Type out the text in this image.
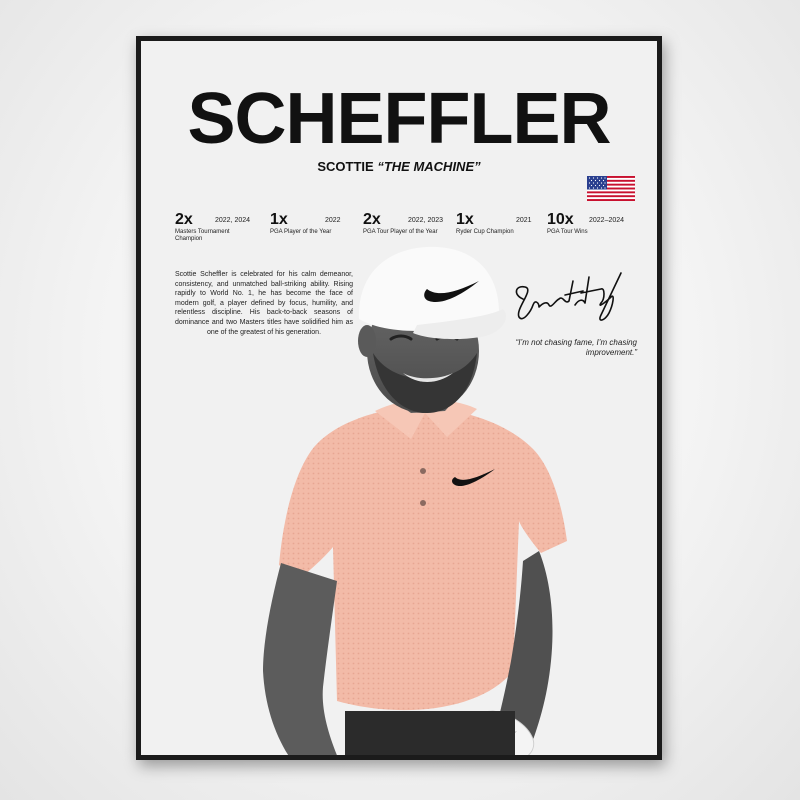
SCHEFFLER
SCOTTIE “THE MACHINE”
2x	2022, 2024
Masters Tournament Champion
1x	2022
PGA Player of the Year
2x	2022, 2023
PGA Tour Player of the Year
1x	2021
Ryder Cup Champion
10x 2022–2024
PGA Tour Wins

Scottie Scheffler is celebrated for his calm demeanor, consistency, and unmatched ball-striking ability. Rising rapidly to World No. 1, he has become the face of modern golf, a player defined by focus, humility, and relentless discipline. His back-to-back seasons of dominance and two Masters titles have solidified him as one of the greatest of his generation.

“I’m not chasing fame, I’m chasing improvement.”
